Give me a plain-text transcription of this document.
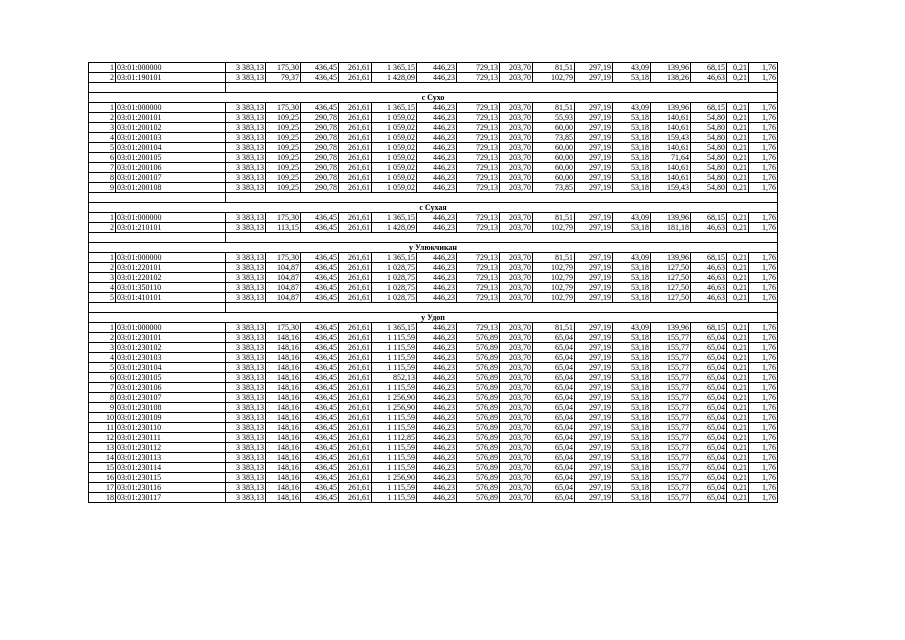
1	03:01:000000	3 383,13	175,30	436,45	261,61	1 365,15	446,23	729,13	203,70	81,51	297,19	43,09	139,96	68,15	0,21	1,76
2	03:01:190101	3 383,13	79,37	436,45	261,61	1 428,09	446,23	729,13	203,70	102,79	297,19	53,18	138,26	46,63	0,21	1,76

с Сухо																
1	03:01:000000	3 383,13	175,30	436,45	261,61	1 365,15	446,23	729,13	203,70	81,51	297,19	43,09	139,96	68,15	0,21	1,76
2	03:01:200101	3 383,13	109,25	290,78	261,61	1 059,02	446,23	729,13	203,70	55,93	297,19	53,18	140,61	54,80	0,21	1,76
3	03:01:200102	3 383,13	109,25	290,78	261,61	1 059,02	446,23	729,13	203,70	60,00	297,19	53,18	140,61	54,80	0,21	1,76
4	03:01:200103	3 383,13	109,25	290,78	261,61	1 059,02	446,23	729,13	203,70	73,85	297,19	53,18	159,43	54,80	0,21	1,76
5	03:01:200104	3 383,13	109,25	290,78	261,61	1 059,02	446,23	729,13	203,70	60,00	297,19	53,18	140,61	54,80	0,21	1,76
6	03:01:200105	3 383,13	109,25	290,78	261,61	1 059,02	446,23	729,13	203,70	60,00	297,19	53,18	71,64	54,80	0,21	1,76
7	03:01:200106	3 383,13	109,25	290,78	261,61	1 059,02	446,23	729,13	203,70	60,00	297,19	53,18	140,61	54,80	0,21	1,76
8	03:01:200107	3 383,13	109,25	290,78	261,61	1 059,02	446,23	729,13	203,70	60,00	297,19	53,18	140,61	54,80	0,21	1,76
9	03:01:200108	3 383,13	109,25	290,78	261,61	1 059,02	446,23	729,13	203,70	73,85	297,19	53,18	159,43	54,80	0,21	1,76

с Сухая																
1	03:01:000000	3 383,13	175,30	436,45	261,61	1 365,15	446,23	729,13	203,70	81,51	297,19	43,09	139,96	68,15	0,21	1,76
2	03:01:210101	3 383,13	113,15	436,45	261,61	1 428,09	446,23	729,13	203,70	102,79	297,19	53,18	181,18	46,63	0,21	1,76

у Улюкчикан																
1	03:01:000000	3 383,13	175,30	436,45	261,61	1 365,15	446,23	729,13	203,70	81,51	297,19	43,09	139,96	68,15	0,21	1,76
2	03:01:220101	3 383,13	104,87	436,45	261,61	1 028,75	446,23	729,13	203,70	102,79	297,19	53,18	127,50	46,63	0,21	1,76
3	03:01:220102	3 383,13	104,87	436,45	261,61	1 028,75	446,23	729,13	203,70	102,79	297,19	53,18	127,50	46,63	0,21	1,76
4	03:01:350110	3 383,13	104,87	436,45	261,61	1 028,75	446,23	729,13	203,70	102,79	297,19	53,18	127,50	46,63	0,21	1,76
5	03:01:410101	3 383,13	104,87	436,45	261,61	1 028,75	446,23	729,13	203,70	102,79	297,19	53,18	127,50	46,63	0,21	1,76

у Удоп																
1	03:01:000000	3 383,13	175,30	436,45	261,61	1 365,15	446,23	729,13	203,70	81,51	297,19	43,09	139,96	68,15	0,21	1,76
2	03:01:230101	3 383,13	148,16	436,45	261,61	1 115,59	446,23	576,89	203,70	65,04	297,19	53,18	155,77	65,04	0,21	1,76
3	03:01:230102	3 383,13	148,16	436,45	261,61	1 115,59	446,23	576,89	203,70	65,04	297,19	53,18	155,77	65,04	0,21	1,76
4	03:01:230103	3 383,13	148,16	436,45	261,61	1 115,59	446,23	576,89	203,70	65,04	297,19	53,18	155,77	65,04	0,21	1,76
5	03:01:230104	3 383,13	148,16	436,45	261,61	1 115,59	446,23	576,89	203,70	65,04	297,19	53,18	155,77	65,04	0,21	1,76
6	03:01:230105	3 383,13	148,16	436,45	261,61	852,13	446,23	576,89	203,70	65,04	297,19	53,18	155,77	65,04	0,21	1,76
7	03:01:230106	3 383,13	148,16	436,45	261,61	1 115,59	446,23	576,89	203,70	65,04	297,19	53,18	155,77	65,04	0,21	1,76
8	03:01:230107	3 383,13	148,16	436,45	261,61	1 256,90	446,23	576,89	203,70	65,04	297,19	53,18	155,77	65,04	0,21	1,76
9	03:01:230108	3 383,13	148,16	436,45	261,61	1 256,90	446,23	576,89	203,70	65,04	297,19	53,18	155,77	65,04	0,21	1,76
10	03:01:230109	3 383,13	148,16	436,45	261,61	1 115,59	446,23	576,89	203,70	65,04	297,19	53,18	155,77	65,04	0,21	1,76
11	03:01:230110	3 383,13	148,16	436,45	261,61	1 115,59	446,23	576,89	203,70	65,04	297,19	53,18	155,77	65,04	0,21	1,76
12	03:01:230111	3 383,13	148,16	436,45	261,61	1 112,85	446,23	576,89	203,70	65,04	297,19	53,18	155,77	65,04	0,21	1,76
13	03:01:230112	3 383,13	148,16	436,45	261,61	1 115,59	446,23	576,89	203,70	65,04	297,19	53,18	155,77	65,04	0,21	1,76
14	03:01:230113	3 383,13	148,16	436,45	261,61	1 115,59	446,23	576,89	203,70	65,04	297,19	53,18	155,77	65,04	0,21	1,76
15	03:01:230114	3 383,13	148,16	436,45	261,61	1 115,59	446,23	576,89	203,70	65,04	297,19	53,18	155,77	65,04	0,21	1,76
16	03:01:230115	3 383,13	148,16	436,45	261,61	1 256,90	446,23	576,89	203,70	65,04	297,19	53,18	155,77	65,04	0,21	1,76
17	03:01:230116	3 383,13	148,16	436,45	261,61	1 115,59	446,23	576,89	203,70	65,04	297,19	53,18	155,77	65,04	0,21	1,76
18	03:01:230117	3 383,13	148,16	436,45	261,61	1 115,59	446,23	576,89	203,70	65,04	297,19	53,18	155,77	65,04	0,21	1,76
